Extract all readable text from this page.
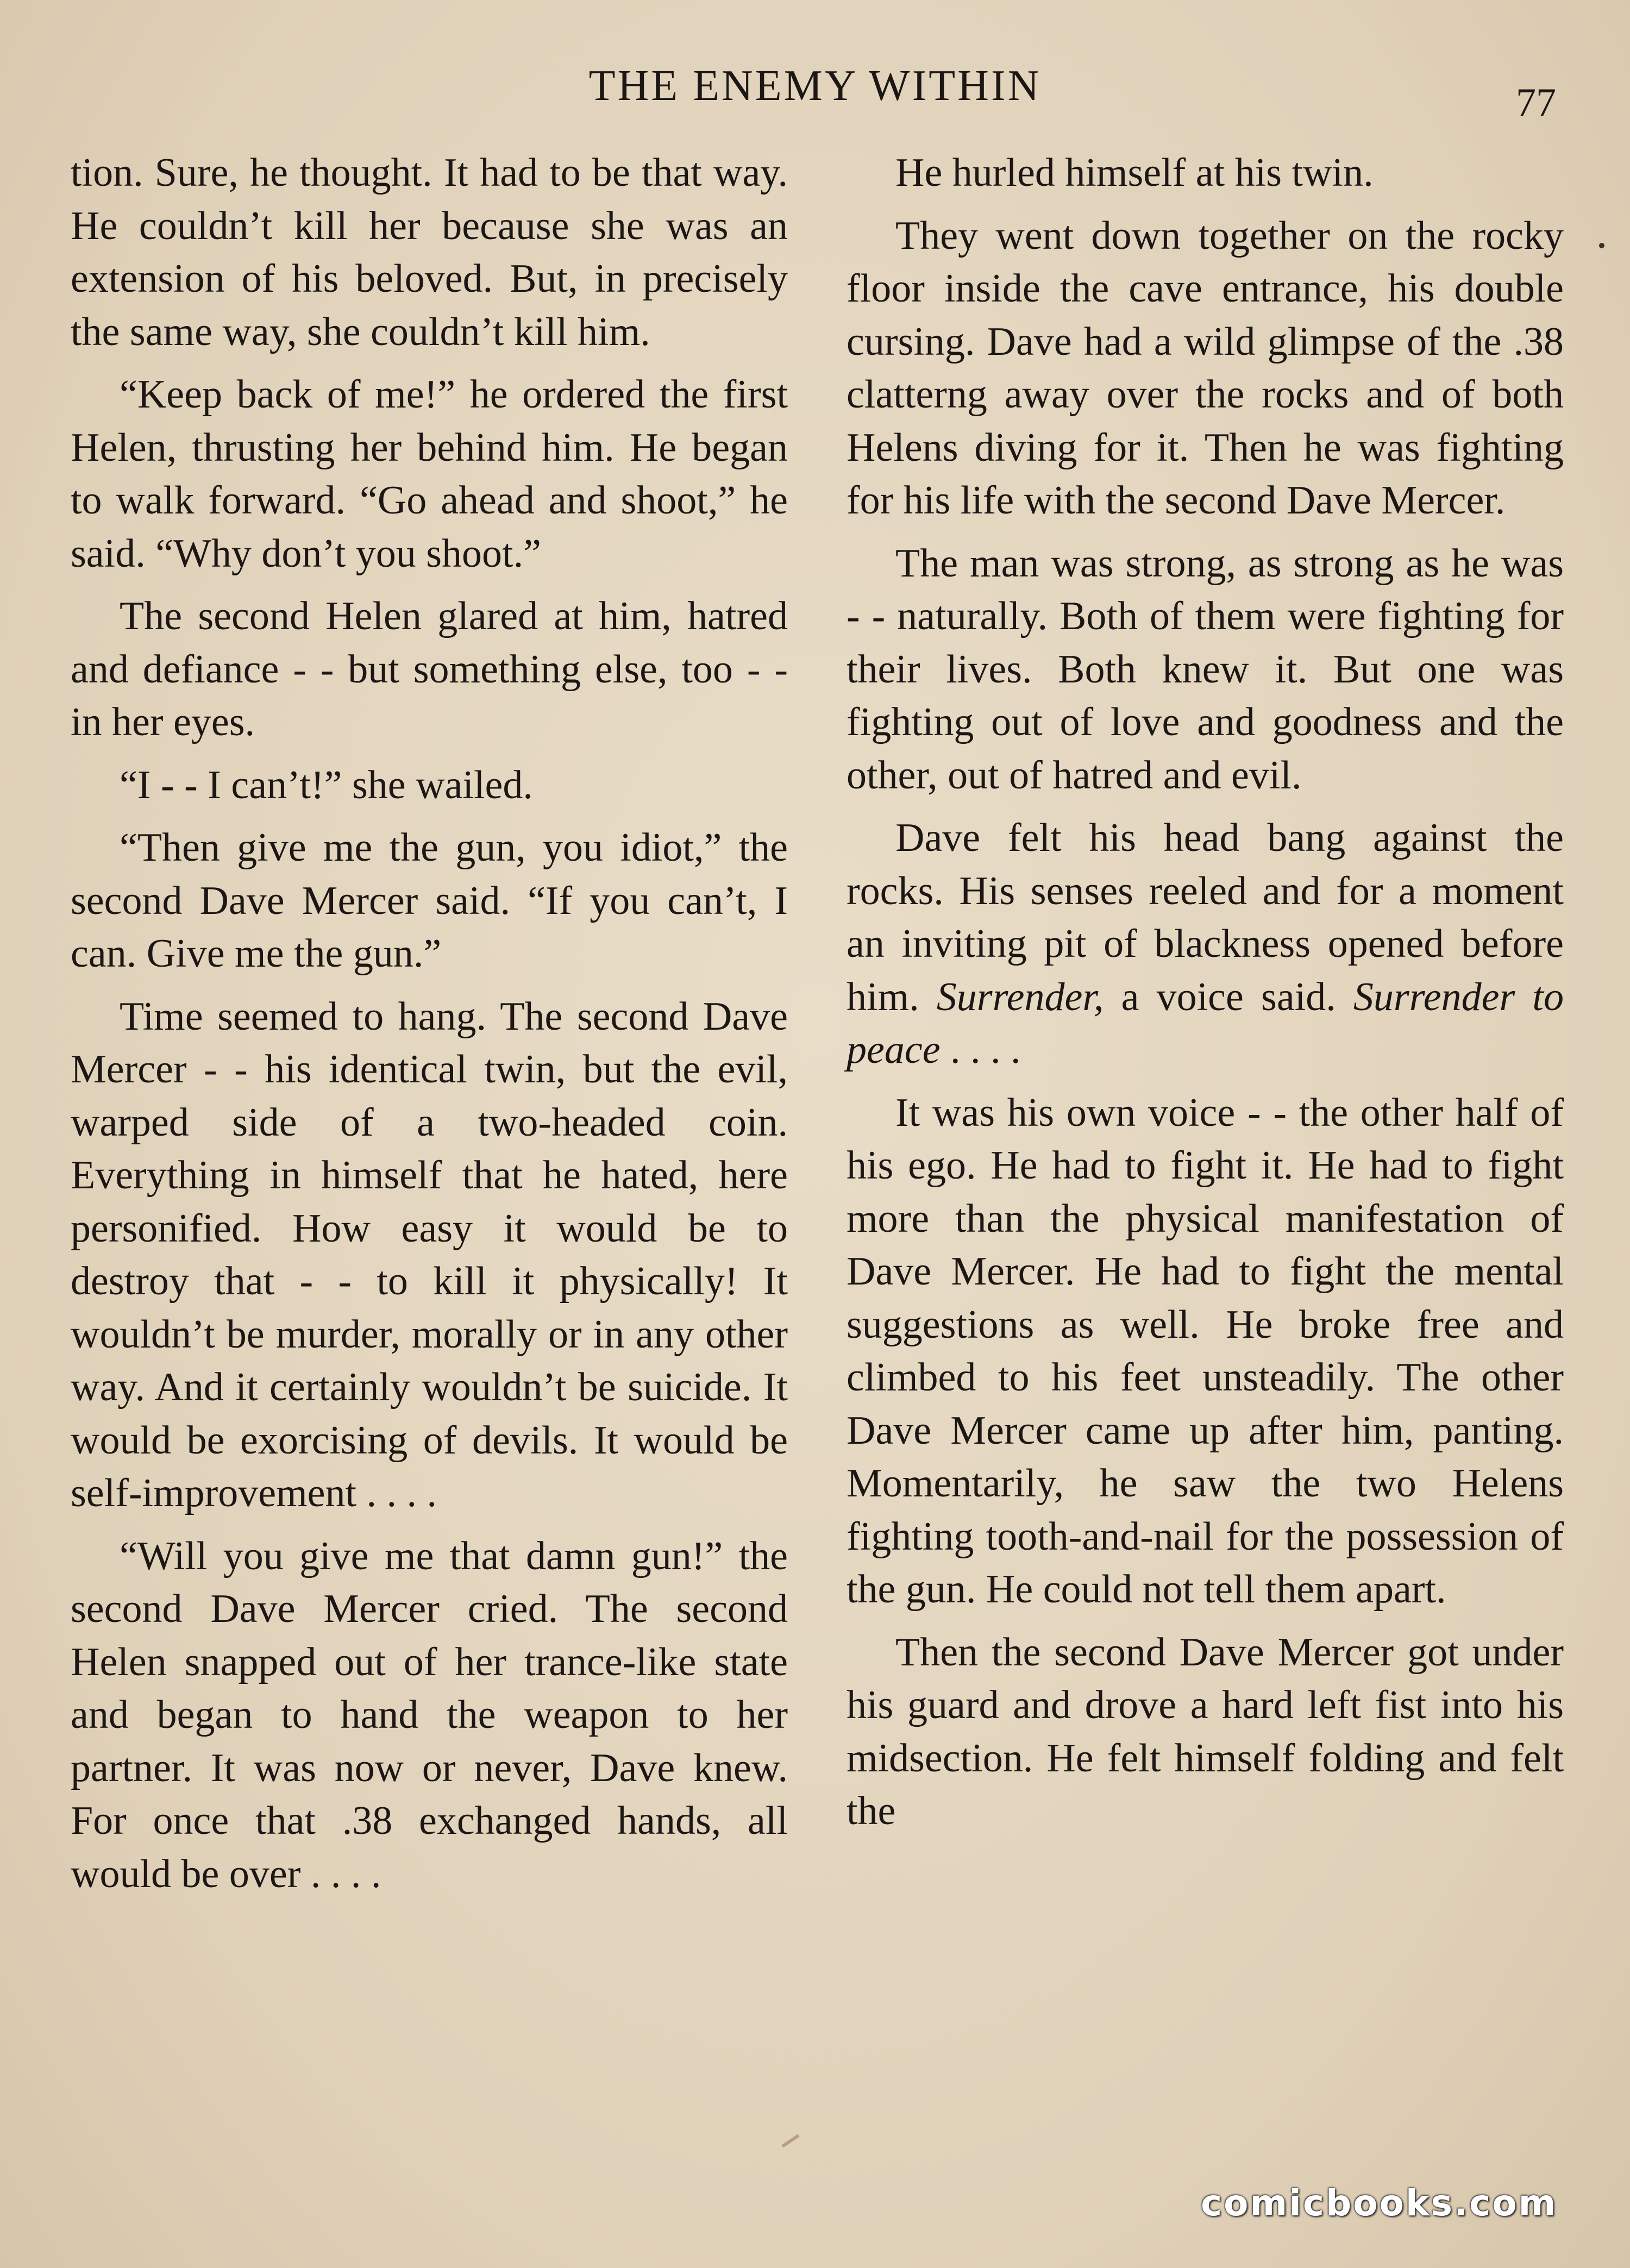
THE ENEMY WITHIN	77

tion. Sure, he thought. It had to be that way. He couldn’t kill her because she was an extension of his beloved. But, in precisely the same way, she couldn’t kill him.

“Keep back of me!” he ordered the first Helen, thrusting her behind him. He began to walk forward. “Go ahead and shoot,” he said. “Why don’t you shoot.”

The second Helen glared at him, hatred and defiance - - but something else, too - - in her eyes.

“I - - I can’t!” she wailed.

“Then give me the gun, you idiot,” the second Dave Mercer said. “If you can’t, I can. Give me the gun.”

Time seemed to hang. The second Dave Mercer - - his identical twin, but the evil, warped side of a two-headed coin. Everything in himself that he hated, here personified. How easy it would be to destroy that - - to kill it physically! It wouldn’t be murder, morally or in any other way. And it certainly wouldn’t be suicide. It would be exorcising of devils. It would be self-improvement . . . .

“Will you give me that damn gun!” the second Dave Mercer cried. The second Helen snapped out of her trance-like state and began to hand the weapon to her partner. It was now or never, Dave knew. For once that .38 exchanged hands, all would be over . . . .

He hurled himself at his twin.

They went down together on the rocky floor inside the cave entrance, his double cursing. Dave had a wild glimpse of the .38 clatterng away over the rocks and of both Helens diving for it. Then he was fighting for his life with the second Dave Mercer.

The man was strong, as strong as he was - - naturally. Both of them were fighting for their lives. Both knew it. But one was fighting out of love and goodness and the other, out of hatred and evil.

Dave felt his head bang against the rocks. His senses reeled and for a moment an inviting pit of blackness opened before him. Surrender, a voice said. Surrender to peace . . . .

It was his own voice - - the other half of his ego. He had to fight it. He had to fight more than the physical manifestation of Dave Mercer. He had to fight the mental suggestions as well. He broke free and climbed to his feet unsteadily. The other Dave Mercer came up after him, panting. Momentarily, he saw the two Helens fighting tooth-and-nail for the possession of the gun. He could not tell them apart.

Then the second Dave Mercer got under his guard and drove a hard left fist into his midsection. He felt himself folding and felt the

comicbooks.com
